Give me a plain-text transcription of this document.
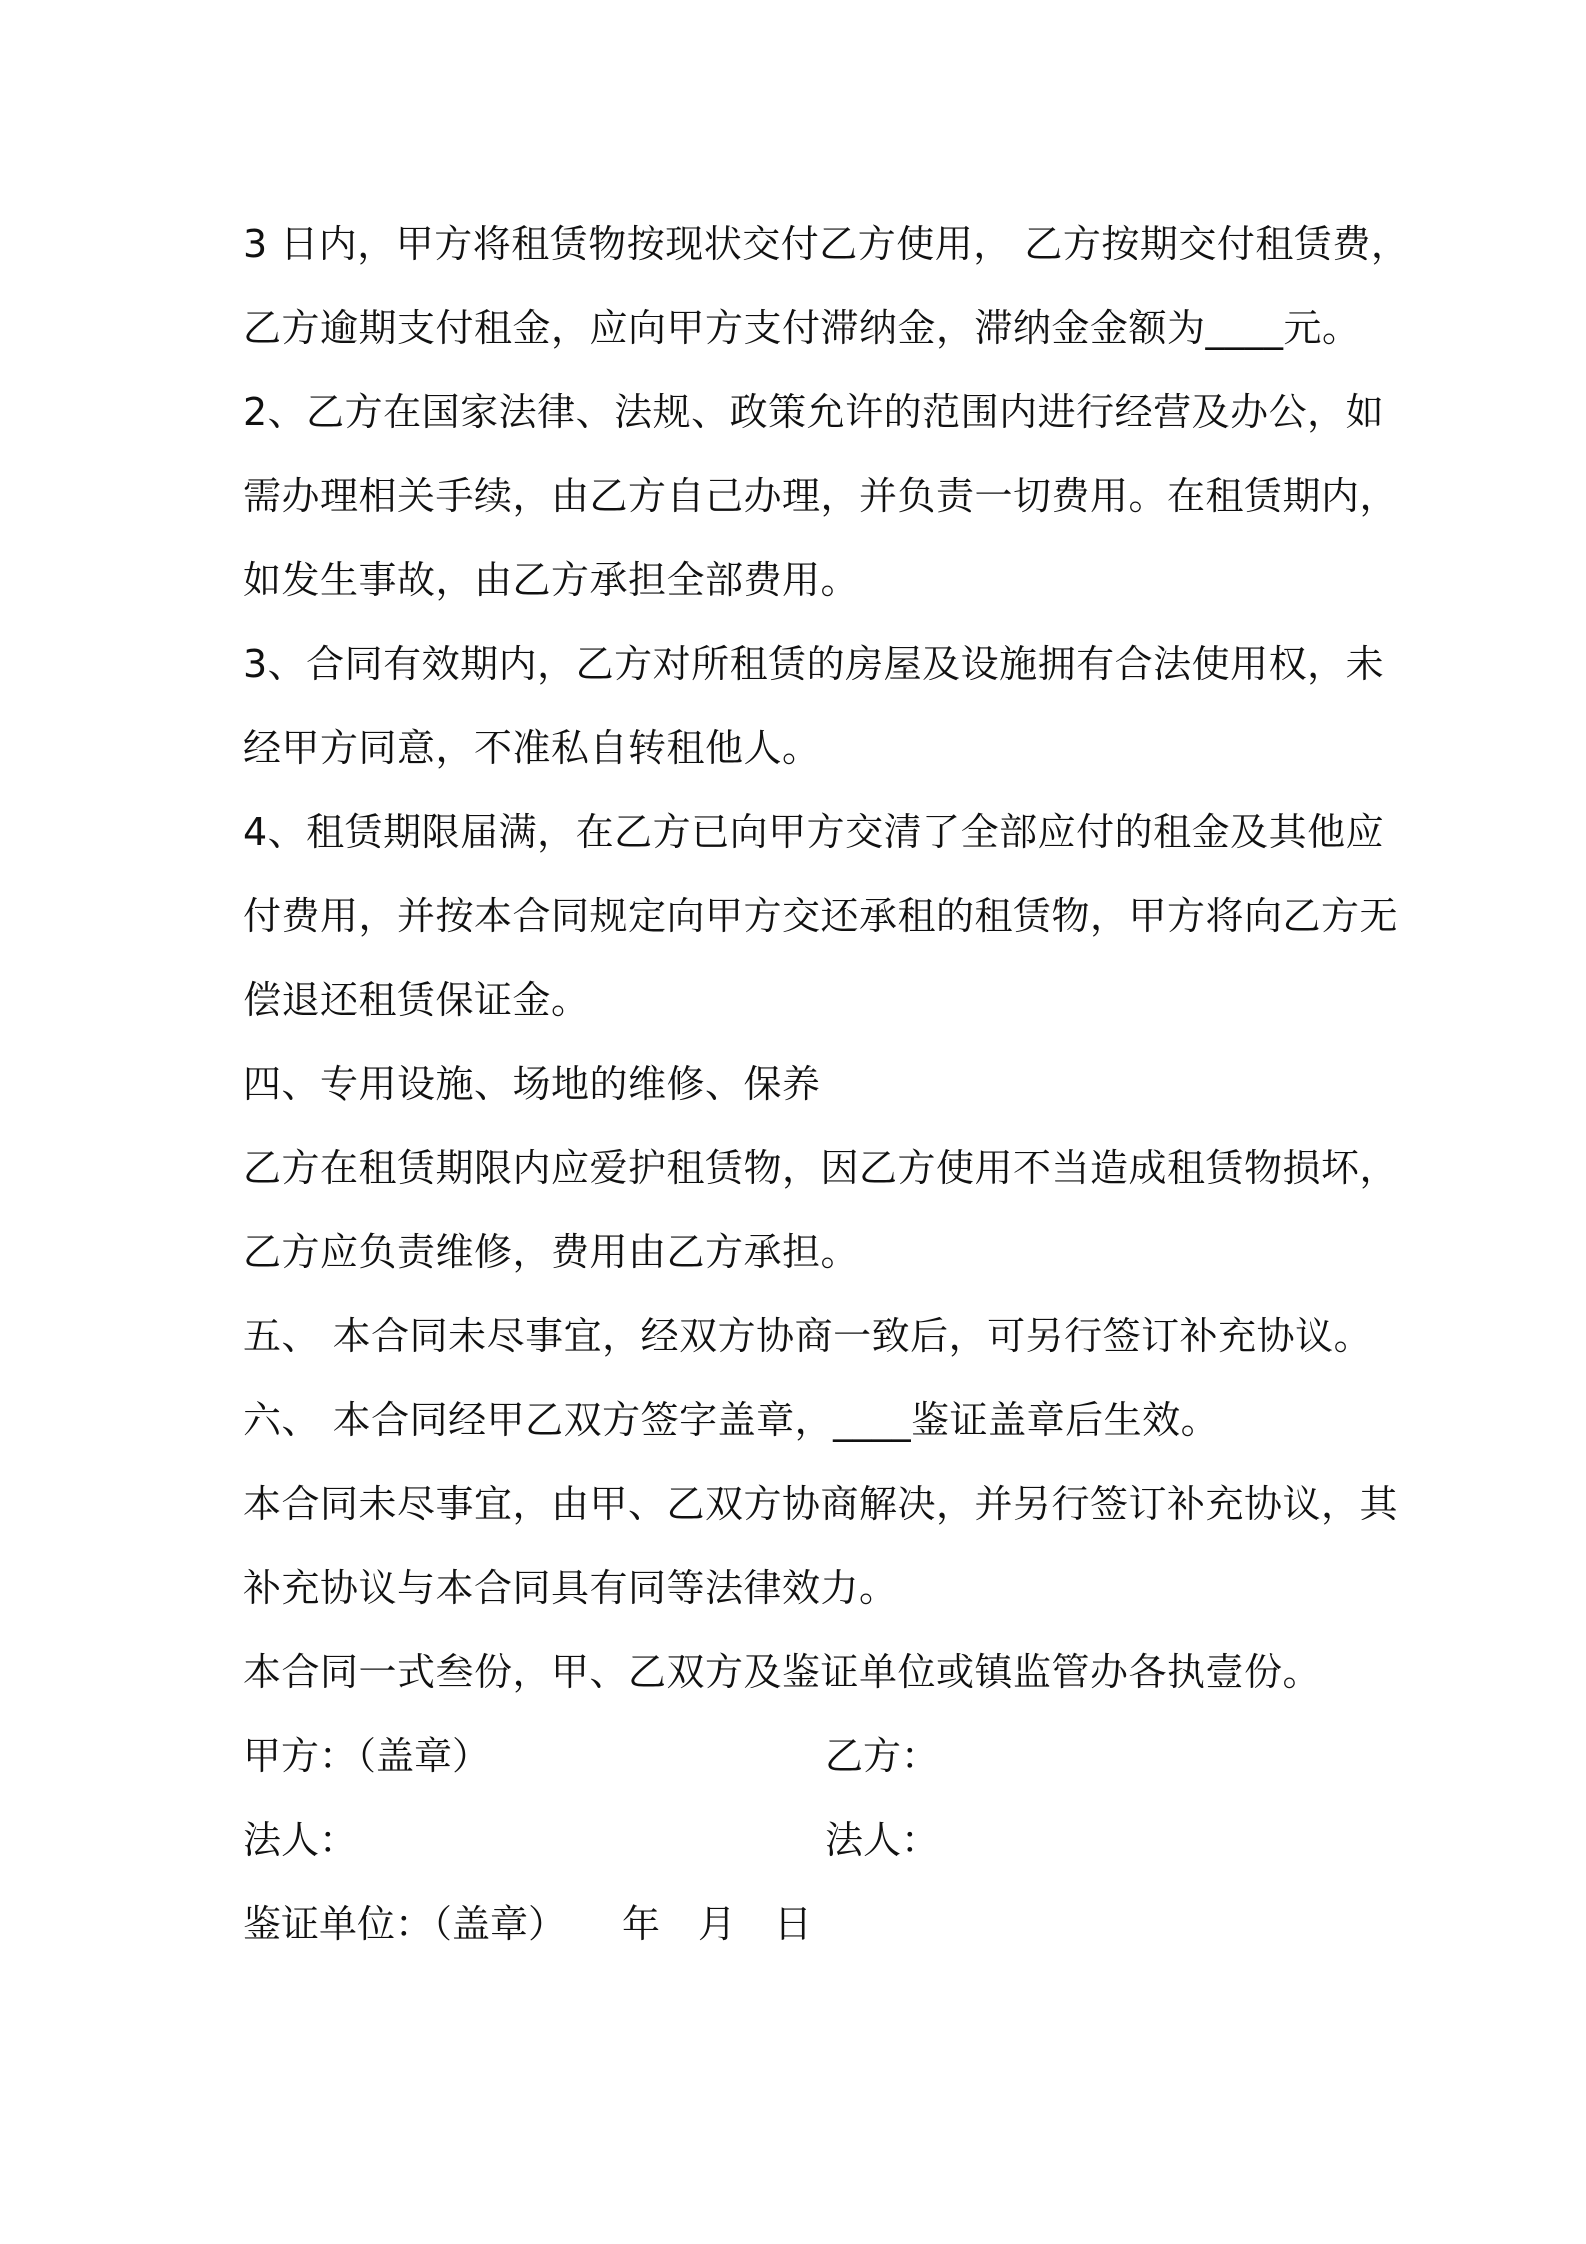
3 日内，甲方将租赁物按现状交付乙方使用， 乙方按期交付租赁费，
乙方逾期支付租金，应向甲方支付滞纳金，滞纳金金额为____元。
2、乙方在国家法律、法规、政策允许的范围内进行经营及办公，如
需办理相关手续，由乙方自己办理，并负责一切费用。在租赁期内，
如发生事故，由乙方承担全部费用。
3、合同有效期内，乙方对所租赁的房屋及设施拥有合法使用权，未
经甲方同意，不准私自转租他人。
4、租赁期限届满，在乙方已向甲方交清了全部应付的租金及其他应
付费用，并按本合同规定向甲方交还承租的租赁物，甲方将向乙方无
偿退还租赁保证金。
四、专用设施、场地的维修、保养
乙方在租赁期限内应爱护租赁物，因乙方使用不当造成租赁物损坏，
乙方应负责维修，费用由乙方承担。
五、 本合同未尽事宜，经双方协商一致后，可另行签订补充协议。
六、 本合同经甲乙双方签字盖章，____鉴证盖章后生效。
本合同未尽事宜，由甲、乙双方协商解决，并另行签订补充协议，其
补充协议与本合同具有同等法律效力。
本合同一式叁份，甲、乙双方及鉴证单位或镇监管办各执壹份。
甲方：（盖章）	乙方：
法人：	法人：
鉴证单位：（盖章） 年 月 日
